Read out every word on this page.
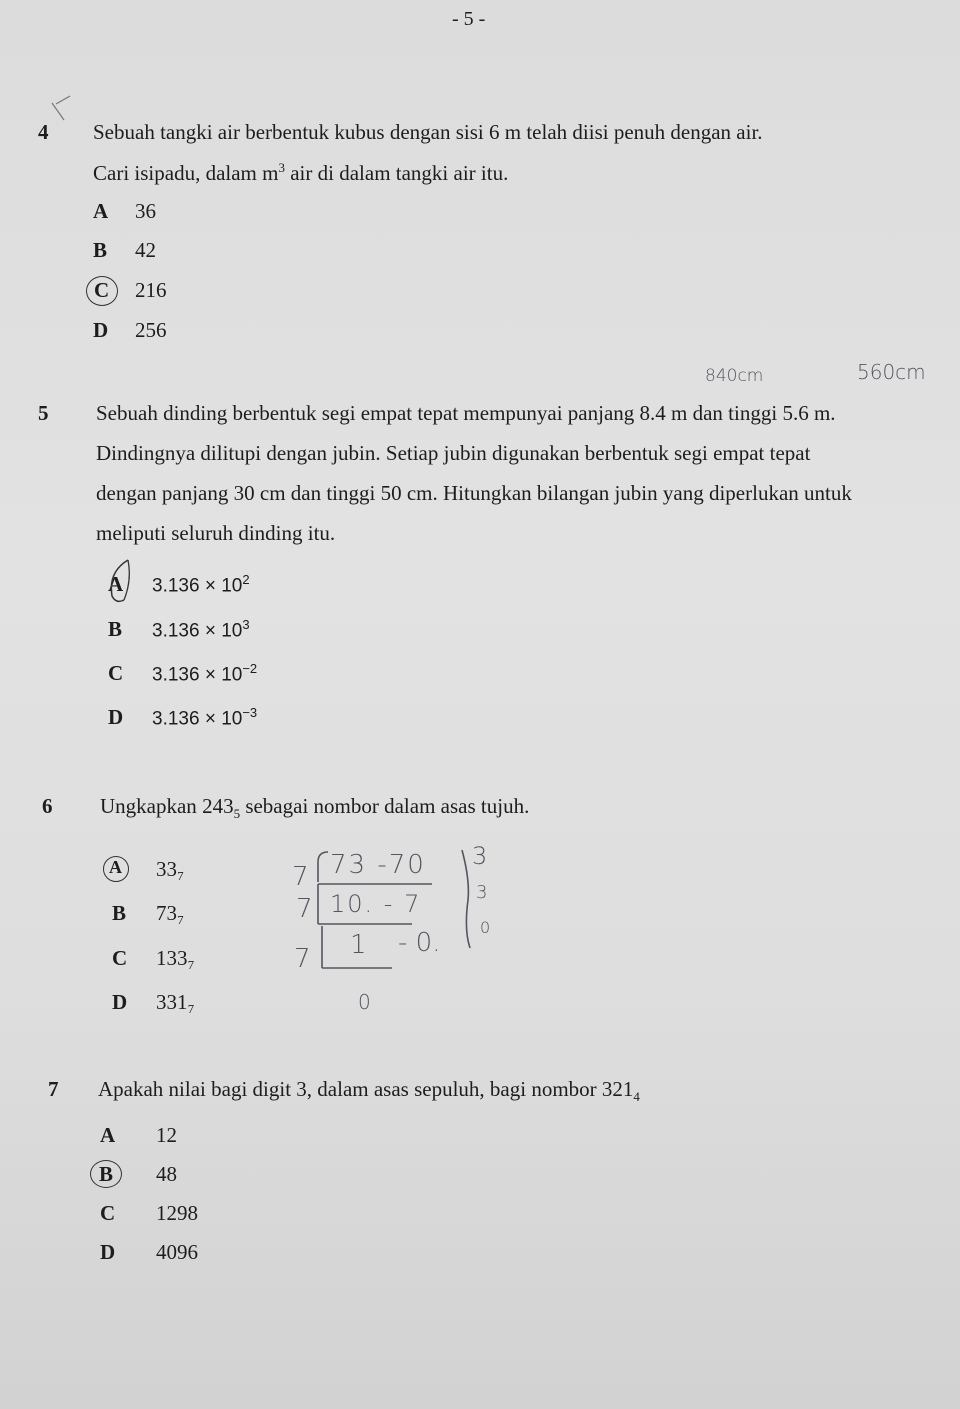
- 5 -
4 Sebuah tangki air berbentuk kubus dengan sisi 6 m telah diisi penuh dengan air.
Cari isipadu, dalam $m^3$ air di dalam tangki air itu.
A 36
B 42
C 216
D 256
840cm	560cm
5 Sebuah dinding berbentuk segi empat tepat mempunyai panjang 8.4 m dan tinggi 5.6 m.
Dindingnya dilitupi dengan jubin. Setiap jubin digunakan berbentuk segi empat tepat
dengan panjang 30 cm dan tinggi 50 cm. Hitungkan bilangan jubin yang diperlukan untuk
meliputi seluruh dinding itu.
A $3.136 \times 10^2$
B $3.136 \times 10^3$
C $3.136 \times 10^{-2}$
D $3.136 \times 10^{-3}$
6 Ungkapkan $243_5$ sebagai nombor dalam asas tujuh.
A 33₇
B 73₇
C 133₇
D 331₇
7 73 -70 3
7 10. - 7	3
7 1 - 0.
0
0
7 Apakah nilai bagi digit 3, dalam asas sepuluh, bagi nombor $321_4$
A 12
B 48
C 1298
D 4096
